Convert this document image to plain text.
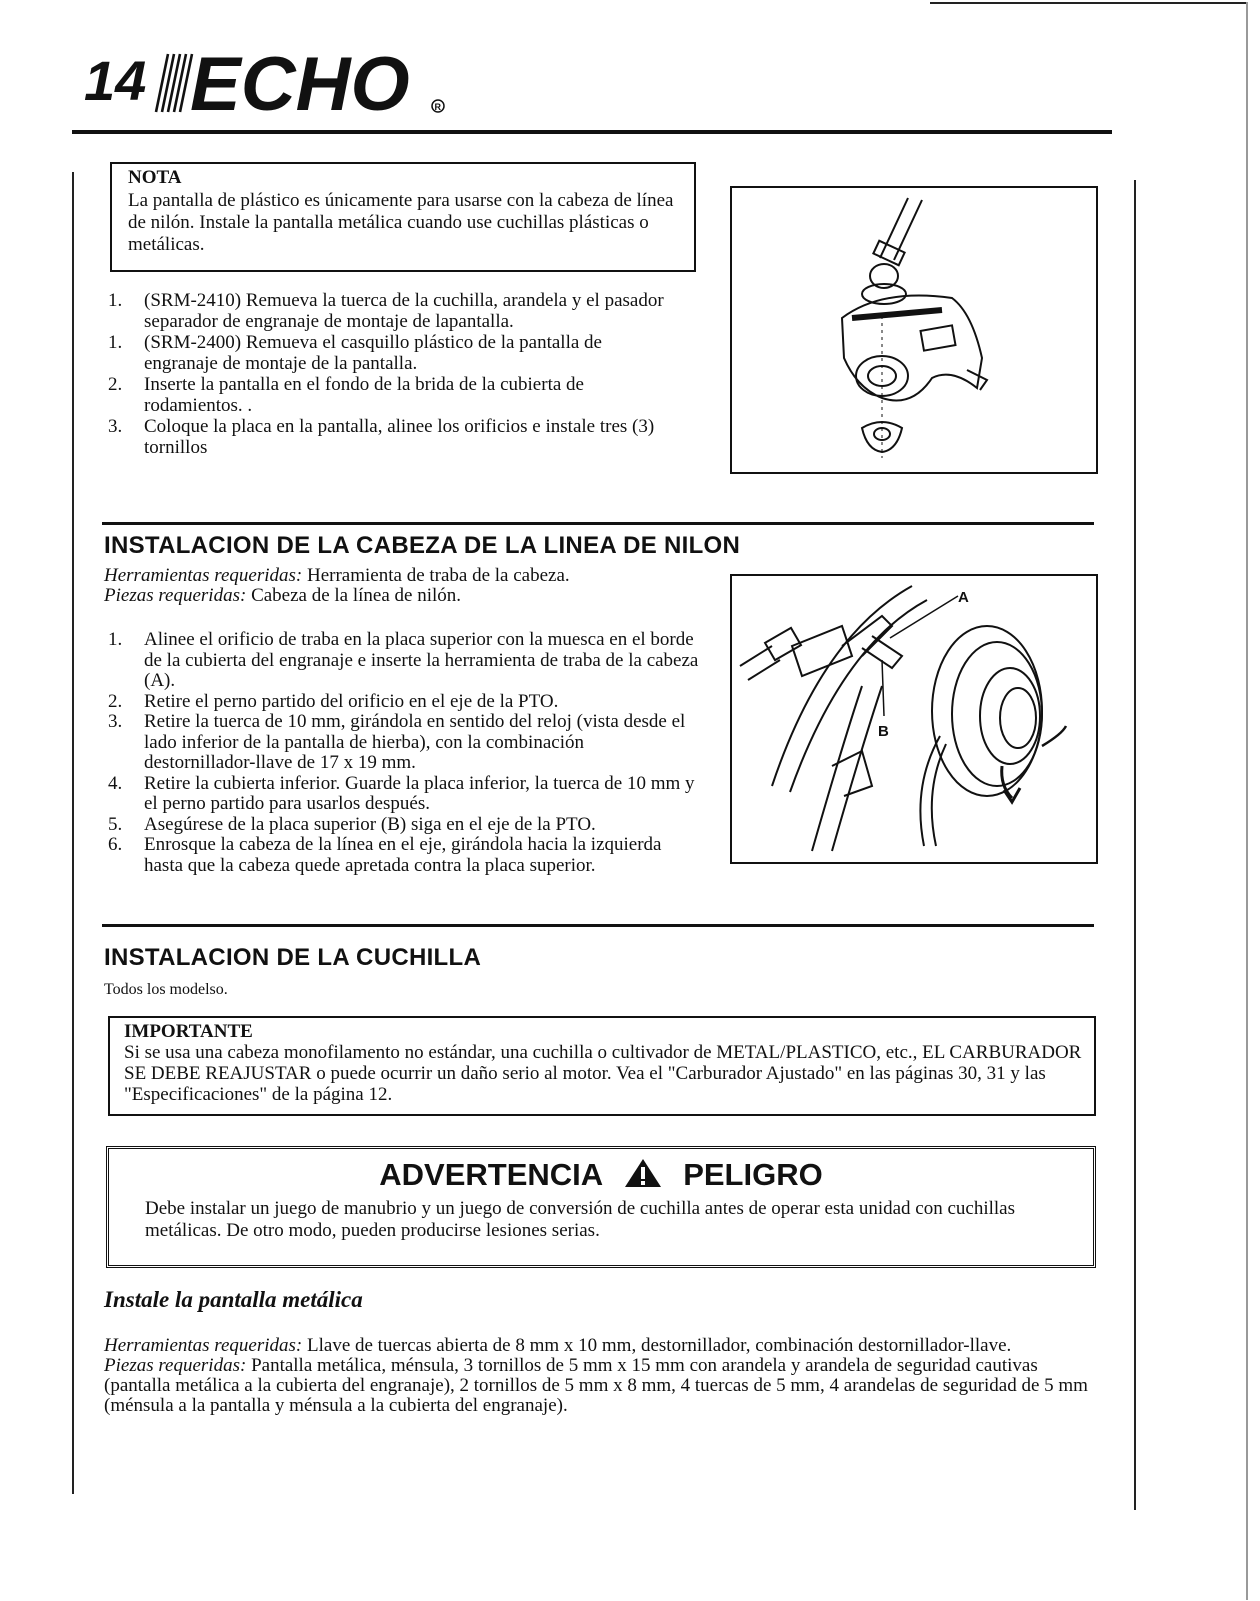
14 ECHO	R
NOTA
La pantalla de plástico es únicamente para usarse con la cabeza de línea de nilón. Instale la pantalla metálica cuando use cuchillas plásticas o metálicas.
1. (SRM-2410) Remueva la tuerca de la cuchilla, arandela y el pasador separador de engranaje de montaje de lapantalla.
1. (SRM-2400) Remueva el casquillo plástico de la pantalla de engranaje de montaje de la pantalla.
2. Inserte la pantalla en el fondo de la brida de la cubierta de rodamientos. .
3. Coloque la placa en la pantalla, alinee los orificios e instale tres (3) tornillos
INSTALACION DE LA CABEZA DE LA LINEA DE NILON
Herramientas requeridas: Herramienta de traba de la cabeza.
Piezas requeridas: Cabeza de la línea de nilón.
1. Alinee el orificio de traba en la placa superior con la muesca en el borde de la cubierta del engranaje e inserte la herramienta de traba de la cabeza (A).
2. Retire el perno partido del orificio en el eje de la PTO.
3. Retire la tuerca de 10 mm, girándola en sentido del reloj (vista desde el lado inferior de la pantalla de hierba), con la combinación destornillador-llave de 17 x 19 mm.
4. Retire la cubierta inferior. Guarde la placa inferior, la tuerca de 10 mm y el perno partido para usarlos después.
5. Asegúrese de la placa superior (B) siga en el eje de la PTO.
6. Enrosque la cabeza de la línea en el eje, girándola hacia la izquierda hasta que la cabeza quede apretada contra la placa superior.
A
B
INSTALACION DE LA CUCHILLA
Todos los modelso.
IMPORTANTE
Si se usa una cabeza monofilamento no estándar, una cuchilla o cultivador de METAL/PLASTICO, etc., EL CARBURADOR SE DEBE REAJUSTAR o puede ocurrir un daño serio al motor. Vea el "Carburador Ajustado" en las páginas 30, 31 y las "Especificaciones" de la página 12.
ADVERTENCIA	PELIGRO
Debe instalar un juego de manubrio y un juego de conversión de cuchilla antes de operar esta unidad con cuchillas metálicas. De otro modo, pueden producirse lesiones serias.
Instale la pantalla metálica
Herramientas requeridas: Llave de tuercas abierta de 8 mm x 10 mm, destornillador, combinación destornillador-llave.
Piezas requeridas: Pantalla metálica, ménsula, 3 tornillos de 5 mm x 15 mm con arandela y arandela de seguridad cautivas (pantalla metálica a la cubierta del engranaje), 2 tornillos de 5 mm x 8 mm, 4 tuercas de 5 mm, 4 arandelas de seguridad de 5 mm (ménsula a la pantalla y ménsula a la cubierta del engranaje).
